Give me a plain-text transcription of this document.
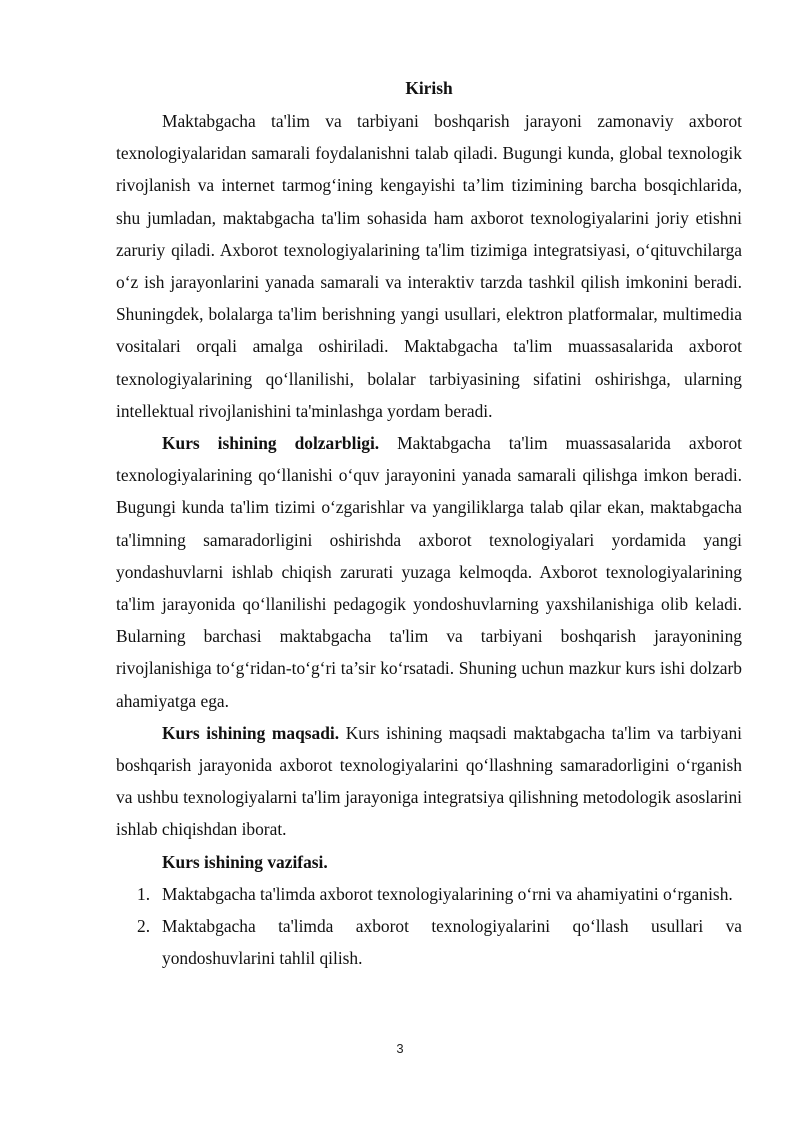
Kirish

Maktabgacha ta'lim va tarbiyani boshqarish jarayoni zamonaviy axborot texnologiyalaridan samarali foydalanishni talab qiladi. Bugungi kunda, global texnologik rivojlanish va internet tarmog‘ining kengayishi ta’lim tizimining barcha bosqichlarida, shu jumladan, maktabgacha ta'lim sohasida ham axborot texnologiyalarini joriy etishni zaruriy qiladi. Axborot texnologiyalarining ta'lim tizimiga integratsiyasi, o‘qituvchilarga o‘z ish jarayonlarini yanada samarali va interaktiv tarzda tashkil qilish imkonini beradi. Shuningdek, bolalarga ta'lim berishning yangi usullari, elektron platformalar, multimedia vositalari orqali amalga oshiriladi. Maktabgacha ta'lim muassasalarida axborot texnologiyalarining qo‘llanilishi, bolalar tarbiyasining sifatini oshirishga, ularning intellektual rivojlanishini ta'minlashga yordam beradi.

Kurs ishining dolzarbligi. Maktabgacha ta'lim muassasalarida axborot texnologiyalarining qo‘llanishi o‘quv jarayonini yanada samarali qilishga imkon beradi. Bugungi kunda ta'lim tizimi o‘zgarishlar va yangiliklarga talab qilar ekan, maktabgacha ta'limning samaradorligini oshirishda axborot texnologiyalari yordamida yangi yondashuvlarni ishlab chiqish zarurati yuzaga kelmoqda. Axborot texnologiyalarining ta'lim jarayonida qo‘llanilishi pedagogik yondoshuvlarning yaxshilanishiga olib keladi. Bularning barchasi maktabgacha ta'lim va tarbiyani boshqarish jarayonining rivojlanishiga to‘g‘ridan-to‘g‘ri ta’sir ko‘rsatadi. Shuning uchun mazkur kurs ishi dolzarb ahamiyatga ega.

Kurs ishining maqsadi. Kurs ishining maqsadi maktabgacha ta'lim va tarbiyani boshqarish jarayonida axborot texnologiyalarini qo‘llashning samaradorligini o‘rganish va ushbu texnologiyalarni ta'lim jarayoniga integratsiya qilishning metodologik asoslarini ishlab chiqishdan iborat.

Kurs ishining vazifasi.

1. Maktabgacha ta'limda axborot texnologiyalarining o‘rni va ahamiyatini o‘rganish.
2. Maktabgacha ta'limda axborot texnologiyalarini qo‘llash usullari va yondoshuvlarini tahlil qilish.
3
